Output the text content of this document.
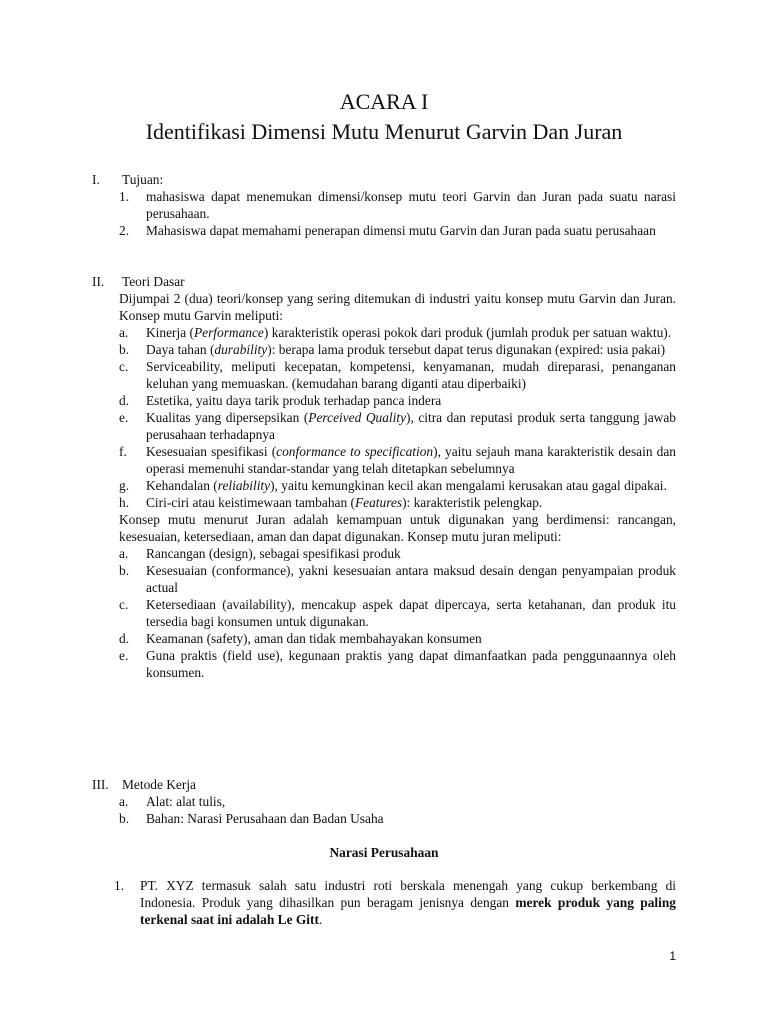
ACARA I
Identifikasi Dimensi Mutu Menurut Garvin Dan Juran
I. Tujuan:
1. mahasiswa dapat menemukan dimensi/konsep mutu teori Garvin dan Juran pada suatu narasi perusahaan.
2. Mahasiswa dapat memahami penerapan dimensi mutu Garvin dan Juran pada suatu perusahaan
II. Teori Dasar
Dijumpai 2 (dua) teori/konsep yang sering ditemukan di industri yaitu konsep mutu Garvin dan Juran. Konsep mutu Garvin meliputi:
a. Kinerja (Performance) karakteristik operasi pokok dari produk (jumlah produk per satuan waktu).
b. Daya tahan (durability): berapa lama produk tersebut dapat terus digunakan (expired: usia pakai)
c. Serviceability, meliputi kecepatan, kompetensi, kenyamanan, mudah direparasi, penanganan keluhan yang memuaskan. (kemudahan barang diganti atau diperbaiki)
d. Estetika, yaitu daya tarik produk terhadap panca indera
e. Kualitas yang dipersepsikan (Perceived Quality), citra dan reputasi produk serta tanggung jawab perusahaan terhadapnya
f. Kesesuaian spesifikasi (conformance to specification), yaitu sejauh mana karakteristik desain dan operasi memenuhi standar-standar yang telah ditetapkan sebelumnya
g. Kehandalan (reliability), yaitu kemungkinan kecil akan mengalami kerusakan atau gagal dipakai.
h. Ciri-ciri atau keistimewaan tambahan (Features): karakteristik pelengkap.
Konsep mutu menurut Juran adalah kemampuan untuk digunakan yang berdimensi: rancangan, kesesuaian, ketersediaan, aman dan dapat digunakan. Konsep mutu juran meliputi:
a. Rancangan (design), sebagai spesifikasi produk
b. Kesesuaian (conformance), yakni kesesuaian antara maksud desain dengan penyampaian produk actual
c. Ketersediaan (availability), mencakup aspek dapat dipercaya, serta ketahanan, dan produk itu tersedia bagi konsumen untuk digunakan.
d. Keamanan (safety), aman dan tidak membahayakan konsumen
e. Guna praktis (field use), kegunaan praktis yang dapat dimanfaatkan pada penggunaannya oleh konsumen.
III. Metode Kerja
a. Alat: alat tulis,
b. Bahan: Narasi Perusahaan dan Badan Usaha
Narasi Perusahaan
1. PT. XYZ termasuk salah satu industri roti berskala menengah yang cukup berkembang di Indonesia. Produk yang dihasilkan pun beragam jenisnya dengan merek produk yang paling terkenal saat ini adalah Le Gitt.
1
